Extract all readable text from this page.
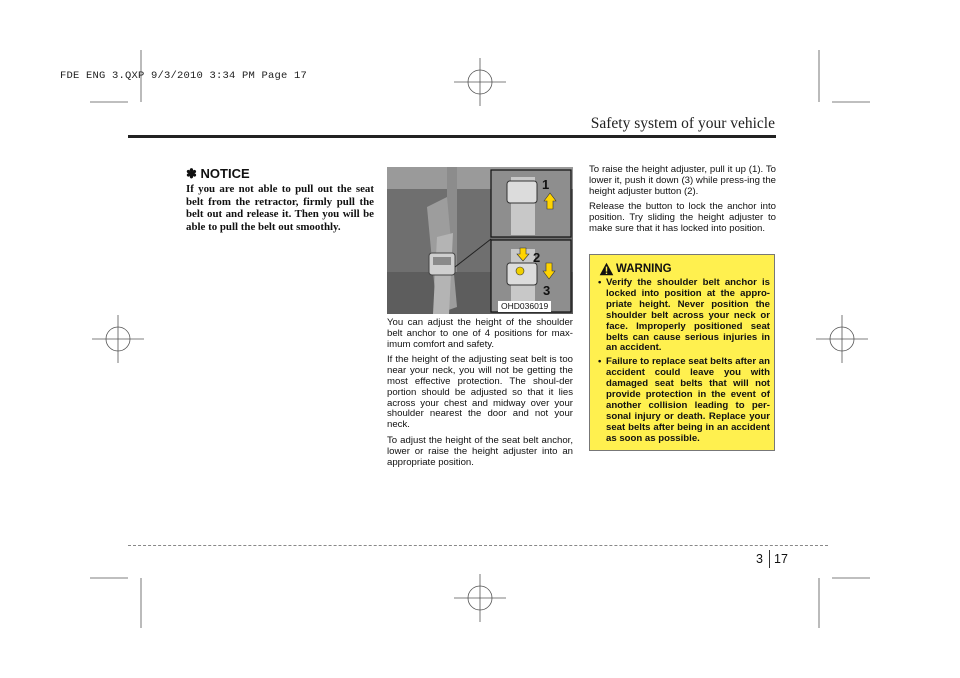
FDE ENG 3.QXP 9/3/2010 3:34 PM Page 17
Safety system of your vehicle
✽ NOTICE
If you are not able to pull out the seat belt from the retractor, firmly pull the belt out and release it. Then you will be able to pull the belt out smoothly.
1
2
3
OHD036019

You can adjust the height of the shoulder belt anchor to one of 4 positions for max-imum comfort and safety.

If the height of the adjusting seat belt is too near your neck, you will not be getting the most effective protection. The shoul-der portion should be adjusted so that it lies across your chest and midway over your shoulder nearest the door and not your neck.

To adjust the height of the seat belt anchor, lower or raise the height adjuster into an appropriate position.

To raise the height adjuster, pull it up (1). To lower it, push it down (3) while press-ing the height adjuster button (2).

Release the button to lock the anchor into position. Try sliding the height adjuster to make sure that it has locked into position.

WARNING
• Verify the shoulder belt anchor is locked into position at the appro-priate height. Never position the shoulder belt across your neck or face. Improperly positioned seat belts can cause serious injuries in an accident.
• Failure to replace seat belts after an accident could leave you with damaged seat belts that will not provide protection in the event of another collision leading to per-sonal injury or death. Replace your seat belts after being in an accident as soon as possible.
3 17
